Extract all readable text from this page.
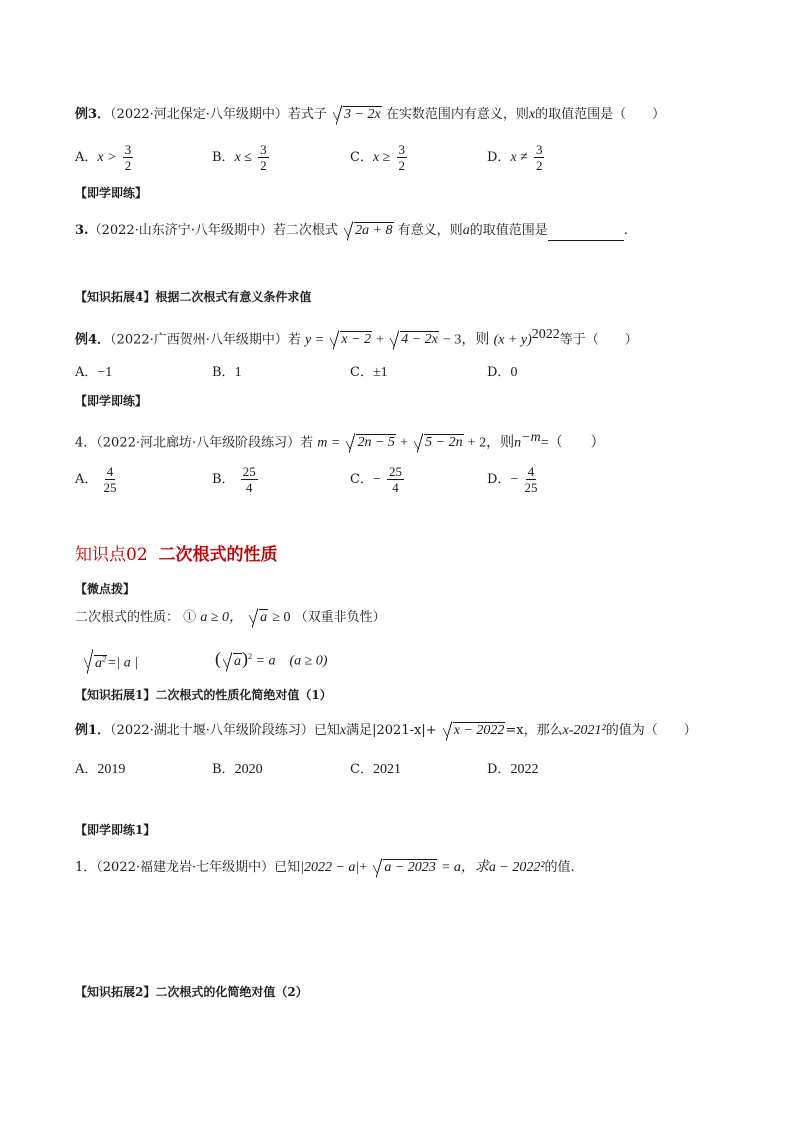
例3．（2022·河北保定·八年级期中）若式子 3 − 2x 在实数范围内有意义，则x的取值范围是（　　）
A．$x > \frac{3}{2}$	B．$x \le \frac{3}{2}$	C．$x \ge \frac{3}{2}$	D．$x \ne \frac{3}{2}$
【即学即练】
3.（2022·山东济宁·八年级期中）若二次根式 2a + 8 有意义，则a的取值范围是	.
【知识拓展4】根据二次根式有意义条件求值
例4．（2022·广西贺州·八年级期中）若 y = x − 2 + 4 − 2x − 3，则 $(x + y)^{2022}$等于（　　）
A．−1	B．1	C．±1	D．0
【即学即练】
4．（2022·河北廊坊·八年级阶段练习）若 m = 2n − 5 + 5 − 2n + 2，则$n^{-m}=$（　　）
A． $\frac{4}{25}$	B． $\frac{25}{4}$	C．− $\frac{25}{4}$	D．− $\frac{4}{25}$
知识点02 二次根式的性质
【微点拨】
二次根式的性质： ① a ≥ 0， a ≥ 0 （双重非负性）
$a^2=|$ a |	( a)$^2$ = a　(a ≥ 0)
【知识拓展1】二次根式的性质化简绝对值（1）
例1．（2022·湖北十堰·八年级阶段练习）已知x满足|2021-x|+ x − 2022=x，那么x-2021²的值为（　　）
A．2019	B．2020	C．2021	D．2022
【即学即练1】
1．（2022·福建龙岩·七年级期中）已知|2022 − a|+ a − 2023 = a，求a − 2022²的值.
【知识拓展2】二次根式的化简绝对值（2）
